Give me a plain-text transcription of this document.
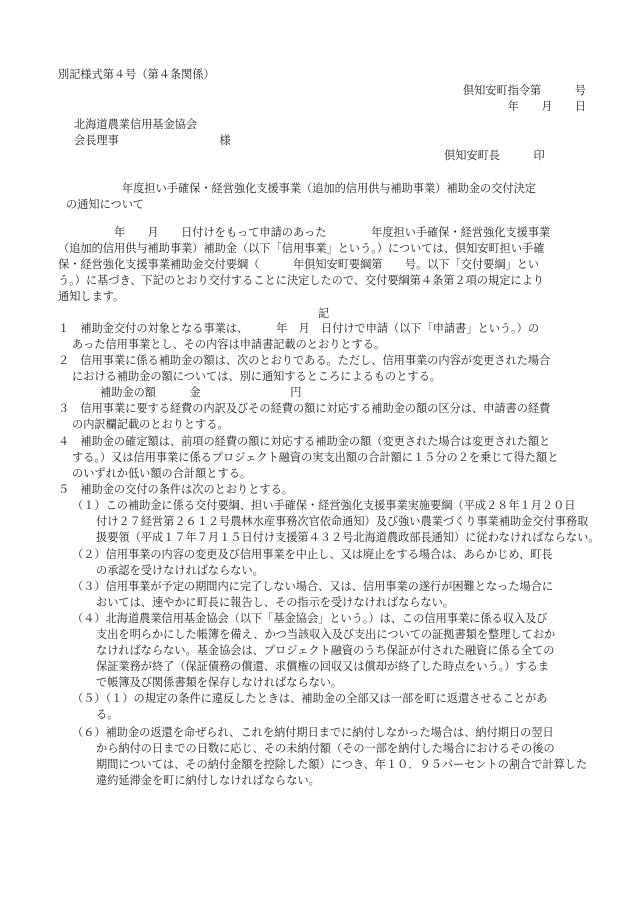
別記様式第４号（第４条関係）
倶知安町指令第　　　号
年　　月　　日
北海道農業信用基金協会
会長理事　　　　　　　　　様
倶知安町長　　　印
年度担い手確保・経営強化支援事業（追加的信用供与補助事業）補助金の交付決定
の通知について
　　　　　年　　月　　日付けをもって申請のあった　　　　年度担い手確保・経営強化支援事業
（追加的信用供与補助事業）補助金（以下「信用事業」という。）については、倶知安町担い手確
保・経営強化支援事業補助金交付要綱（　　　年倶知安町要綱第　　号。以下「交付要綱」とい
う。）に基づき、下記のとおり交付することに決定したので、交付要綱第４条第２項の規定により
通知します。
記
１　補助金交付の対象となる事業は、　　　年　月　日付けで申請（以下「申請書」という。）の
あった信用事業とし、その内容は申請書記載のとおりとする。
２　信用事業に係る補助金の額は、次のとおりである。ただし、信用事業の内容が変更された場合
における補助金の額については、別に通知するところによるものとする。
補助金の額　　　金　　　　　　　　円
３　信用事業に要する経費の内訳及びその経費の額に対応する補助金の額の区分は、申請書の経費
の内訳欄記載のとおりとする。
４　補助金の確定額は、前項の経費の額に対応する補助金の額（変更された場合は変更された額と
する。）又は信用事業に係るプロジェクト融資の実支出額の合計額に１５分の２を乗じて得た額と
のいずれか低い額の合計額とする。
５　補助金の交付の条件は次のとおりとする。
（１）この補助金に係る交付要綱、担い手確保・経営強化支援事業実施要綱（平成２８年１月２０日
付け２７経営第２６１２号農林水産事務次官依命通知）及び強い農業づくり事業補助金交付事務取
扱要領（平成１７年７月１５日付け支援第４３２号北海道農政部長通知）に従わなければならない。
（２）信用事業の内容の変更及び信用事業を中止し、又は廃止をする場合は、あらかじめ、町長
の承認を受けなければならない。
（３）信用事業が予定の期間内に完了しない場合、又は、信用事業の遂行が困難となった場合に
おいては、速やかに町長に報告し、その指示を受けなければならない。
（４）北海道農業信用基金協会（以下「基金協会」という。）は、この信用事業に係る収入及び
支出を明らかにした帳簿を備え、かつ当該収入及び支出についての証拠書類を整理しておか
なければならない。基金協会は、プロジェクト融資のうち保証が付された融資に係る全ての
保証業務が終了（保証債務の償還、求償権の回収又は償却が終了した時点をいう。）するま
で帳簿及び関係書類を保存しなければならない。
（５）（１）の規定の条件に違反したときは、補助金の全部又は一部を町に返還させることがあ
る。
（６）補助金の返還を命ぜられ、これを納付期日までに納付しなかった場合は、納付期日の翌日
から納付の日までの日数に応じ、その未納付額（その一部を納付した場合におけるその後の
期間については、その納付金額を控除した額）につき、年１０．９５パーセントの割合で計算した
違約延滞金を町に納付しなければならない。
